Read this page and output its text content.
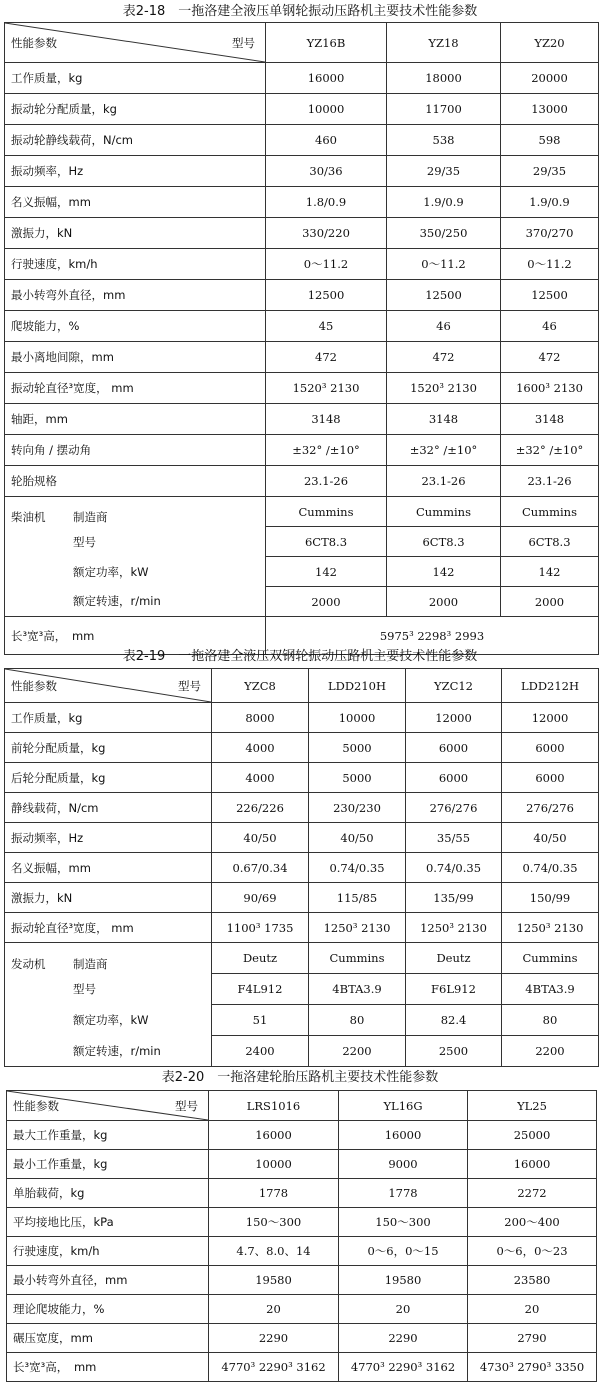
表2-18　一拖洛建全液压单钢轮振动压路机主要技术性能参数
性能参数 型号	YZ16B	YZ18	YZ20
工作质量，kg	16000	18000	20000
振动轮分配质量，kg	10000	11700	13000
振动轮静线载荷，N/cm	460	538	598
振动频率，Hz	30/36	29/35	29/35
名义振幅，mm	1.8/0.9	1.9/0.9	1.9/0.9
激振力，kN	330/220	350/250	370/270
行驶速度，km/h	0～11.2	0～11.2	0～11.2
最小转弯外直径，mm	12500	12500	12500
爬坡能力，%	45	46	46
最小离地间隙，mm	472	472	472
振动轮直径³宽度， mm	1520³ 2130	1520³ 2130	1600³ 2130
轴距，mm	3148	3148	3148
转向角 / 摆动角	±32° /±10°	±32° /±10°	±32° /±10°
轮胎规格	23.1-26	23.1-26	23.1-26
柴油机 制造商	Cummins	Cummins	Cummins
型号	6CT8.3	6CT8.3	6CT8.3
额定功率，kW	142	142	142
额定转速，r/min	2000	2000	2000
长³宽³高，　mm	5975³ 2298³ 2993		
表2-19　一拖洛建全液压双钢轮振动压路机主要技术性能参数
性能参数 型号	YZC8	LDD210H	YZC12	LDD212H
工作质量，kg	8000	10000	12000	12000
前轮分配质量，kg	4000	5000	6000	6000
后轮分配质量，kg	4000	5000	6000	6000
静线载荷，N/cm	226/226	230/230	276/276	276/276
振动频率，Hz	40/50	40/50	35/55	40/50
名义振幅，mm	0.67/0.34	0.74/0.35	0.74/0.35	0.74/0.35
激振力，kN	90/69	115/85	135/99	150/99
振动轮直径³宽度， mm	1100³ 1735	1250³ 2130	1250³ 2130	1250³ 2130
发动机 制造商	Deutz	Cummins	Deutz	Cummins
型号	F4L912	4BTA3.9	F6L912	4BTA3.9
额定功率，kW	51	80	82.4	80
额定转速，r/min	2400	2200	2500	2200
表2-20　一拖洛建轮胎压路机主要技术性能参数
性能参数 型号	LRS1016	YL16G	YL25
最大工作重量，kg	16000	16000	25000
最小工作重量，kg	10000	9000	16000
单胎载荷，kg	1778	1778	2272
平均接地比压，kPa	150～300	150～300	200～400
行驶速度，km/h	4.7、8.0、14	0～6，0～15	0～6，0～23
最小转弯外直径，mm	19580	19580	23580
理论爬坡能力，%	20	20	20
碾压宽度，mm	2290	2290	2790
长³宽³高，　mm	4770³ 2290³ 3162	4770³ 2290³ 3162	4730³ 2790³ 3350
